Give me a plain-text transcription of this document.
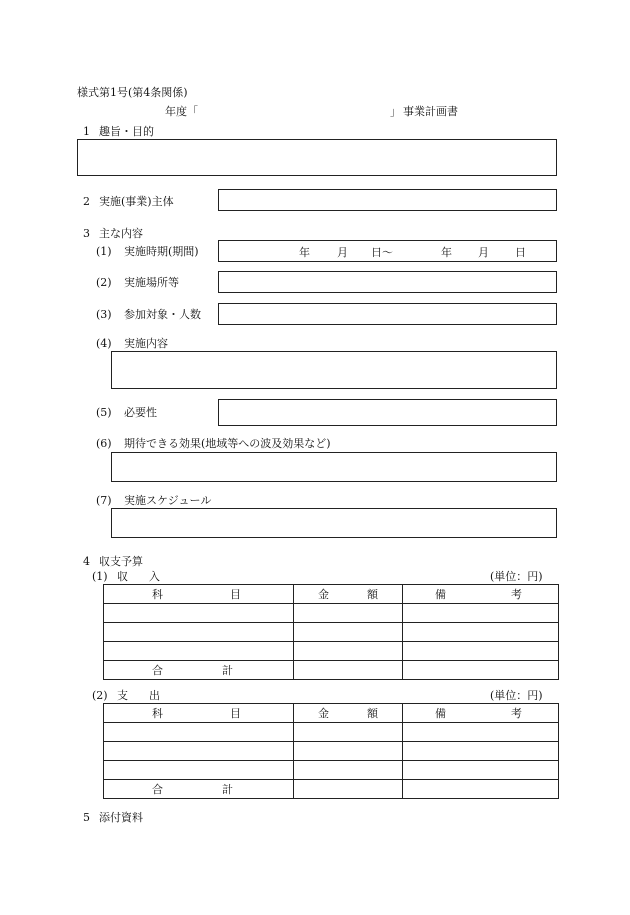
様式第1号(第4条関係)
年度「	」 事業計画書
1 趣旨・目的
2 実施(事業)主体
3 主な内容
(1) 実施時期(期間)	年 月 日〜	年 月 日
(2) 実施場所等
(3) 参加対象・人数
(4) 実施内容
(5) 必要性
(6) 期待できる効果(地域等への波及効果など)
(7) 実施スケジュール
4 収支予算
(1) 収 入	(単位：円)
科 目	金 額	備 考

合 計		

(2) 支 出	(単位：円)
科 目	金 額	備 考

合 計		

5 添付資料
